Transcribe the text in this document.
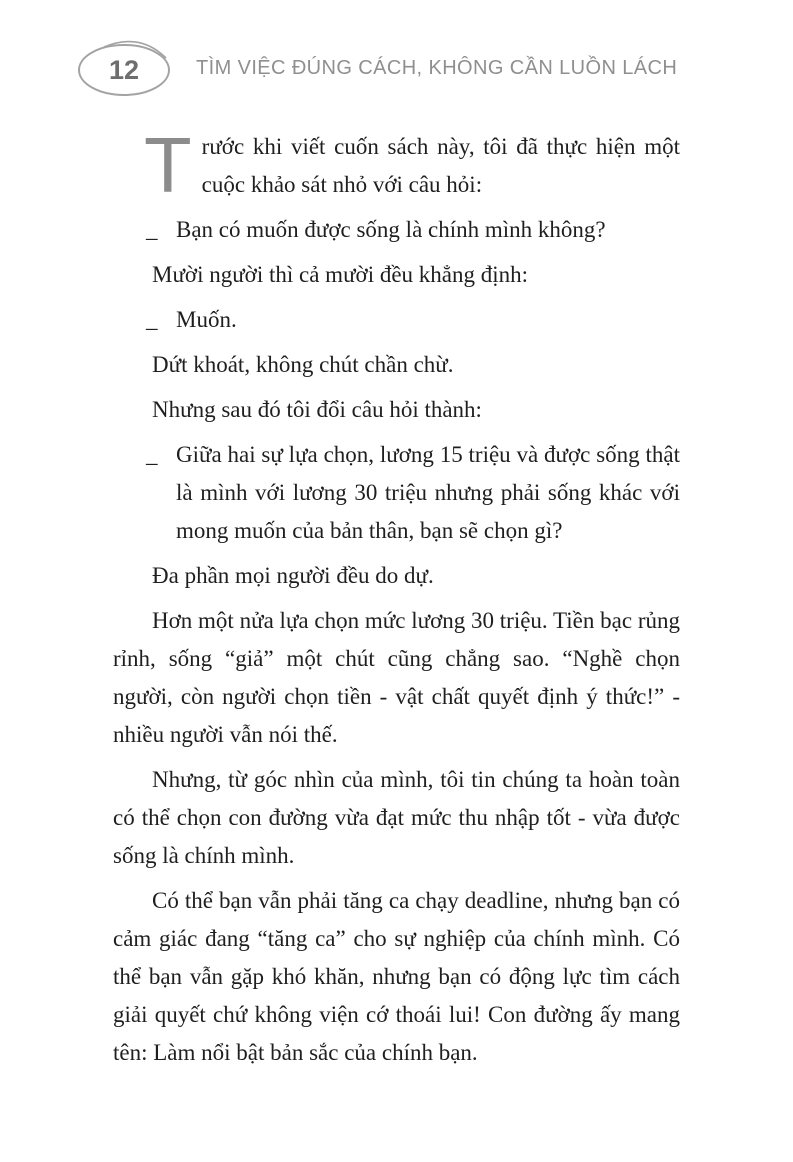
12	TÌM VIỆC ĐÚNG CÁCH, KHÔNG CẦN LUỒN LÁCH

Trước khi viết cuốn sách này, tôi đã thực hiện một cuộc khảo sát nhỏ với câu hỏi:

_ Bạn có muốn được sống là chính mình không?

Mười người thì cả mười đều khẳng định:

_ Muốn.

Dứt khoát, không chút chần chừ.

Nhưng sau đó tôi đổi câu hỏi thành:

_ Giữa hai sự lựa chọn, lương 15 triệu và được sống thật là mình với lương 30 triệu nhưng phải sống khác với mong muốn của bản thân, bạn sẽ chọn gì?

Đa phần mọi người đều do dự.

Hơn một nửa lựa chọn mức lương 30 triệu. Tiền bạc rủng rỉnh, sống “giả” một chút cũng chẳng sao. “Nghề chọn người, còn người chọn tiền - vật chất quyết định ý thức!” - nhiều người vẫn nói thế.

Nhưng, từ góc nhìn của mình, tôi tin chúng ta hoàn toàn có thể chọn con đường vừa đạt mức thu nhập tốt - vừa được sống là chính mình.

Có thể bạn vẫn phải tăng ca chạy deadline, nhưng bạn có cảm giác đang “tăng ca” cho sự nghiệp của chính mình. Có thể bạn vẫn gặp khó khăn, nhưng bạn có động lực tìm cách giải quyết chứ không viện cớ thoái lui! Con đường ấy mang tên: Làm nổi bật bản sắc của chính bạn.
